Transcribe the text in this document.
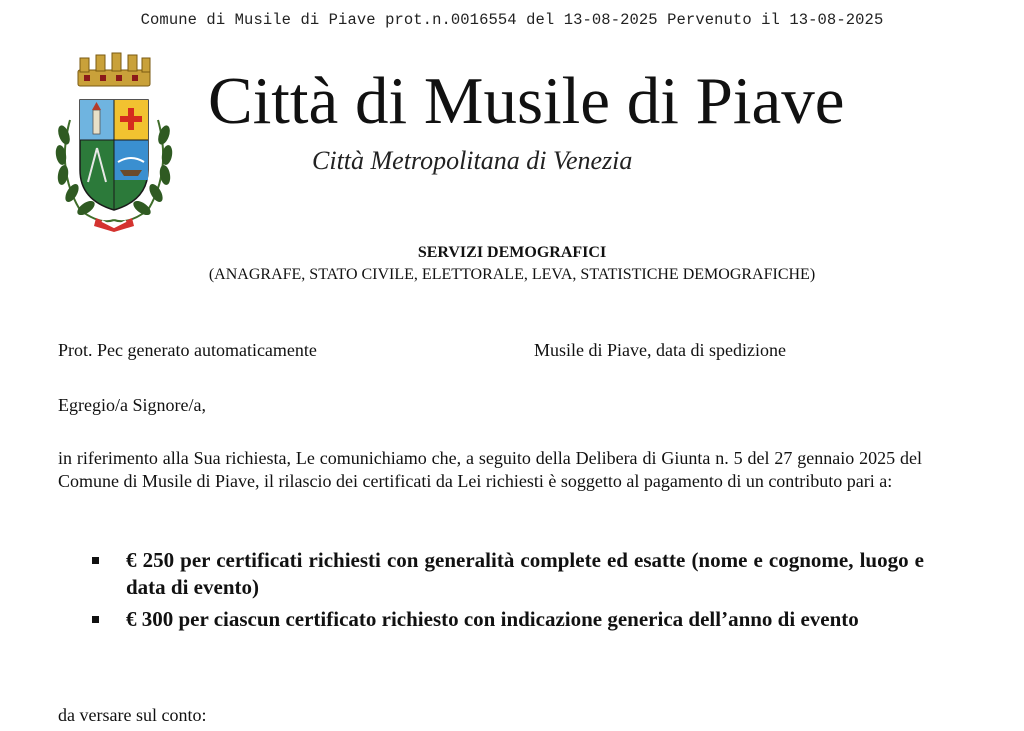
Comune di Musile di Piave prot.n.0016554 del 13-08-2025 Pervenuto il 13-08-2025
Città di Musile di Piave
Città Metropolitana di Venezia
SERVIZI DEMOGRAFICI
(ANAGRAFE, STATO CIVILE, ELETTORALE, LEVA, STATISTICHE DEMOGRAFICHE)
Prot. Pec generato automaticamente	Musile di Piave, data di spedizione
Egregio/a Signore/a,

in riferimento alla Sua richiesta, Le comunichiamo che, a seguito della Delibera di Giunta n. 5 del 27 gennaio 2025 del Comune di Musile di Piave, il rilascio dei certificati da Lei richiesti è soggetto al pagamento di un contributo pari a:

€ 250 per certificati richiesti con generalità complete ed esatte (nome e cognome, luogo e data di evento)
€ 300 per ciascun certificato richiesto con indicazione generica dell’anno di evento
da versare sul conto:
